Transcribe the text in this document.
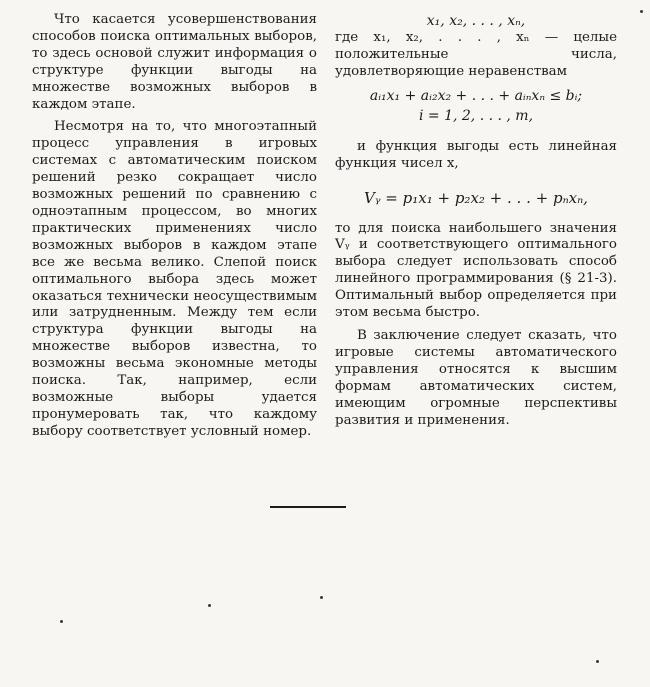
Что касается усовершенствования способов поиска оптимальных выборов, то здесь основой служит информация о структуре функции выгоды на множестве возможных выборов в каждом этапе.

Несмотря на то, что многоэтапный процесс управления в игровых системах с автоматическим поиском решений резко сокращает число возможных решений по сравнению с одноэтапным процессом, во многих практических применениях число возможных выборов в каждом этапе все же весьма велико. Слепой поиск оптимального выбора здесь может оказаться технически неосуществимым или затрудненным. Между тем если структура функции выгоды на множестве выборов известна, то возможны весьма экономные методы поиска. Так, например, если возможные выборы удается пронумеровать так, что каждому выбору соответствует условный номер.

x₁, x₂, . . . , xₙ,

где x₁, x₂, . . . , xₙ — целые положительные числа, удовлетворяющие неравенствам

aᵢ₁x₁ + aᵢ₂x₂ + . . . + aᵢₙxₙ ≤ bᵢ;

i = 1, 2, . . . , m,

и функция выгоды есть линейная функция чисел x,

Vᵧ = p₁x₁ + p₂x₂ + . . . + pₙxₙ,

то для поиска наибольшего значения Vᵧ и соответствующего оптимального выбора следует использовать способ линейного программирования (§ 21-3). Оптимальный выбор определяется при этом весьма быстро.

В заключение следует сказать, что игровые системы автоматического управления относятся к высшим формам автоматических систем, имеющим огромные перспективы развития и применения.
